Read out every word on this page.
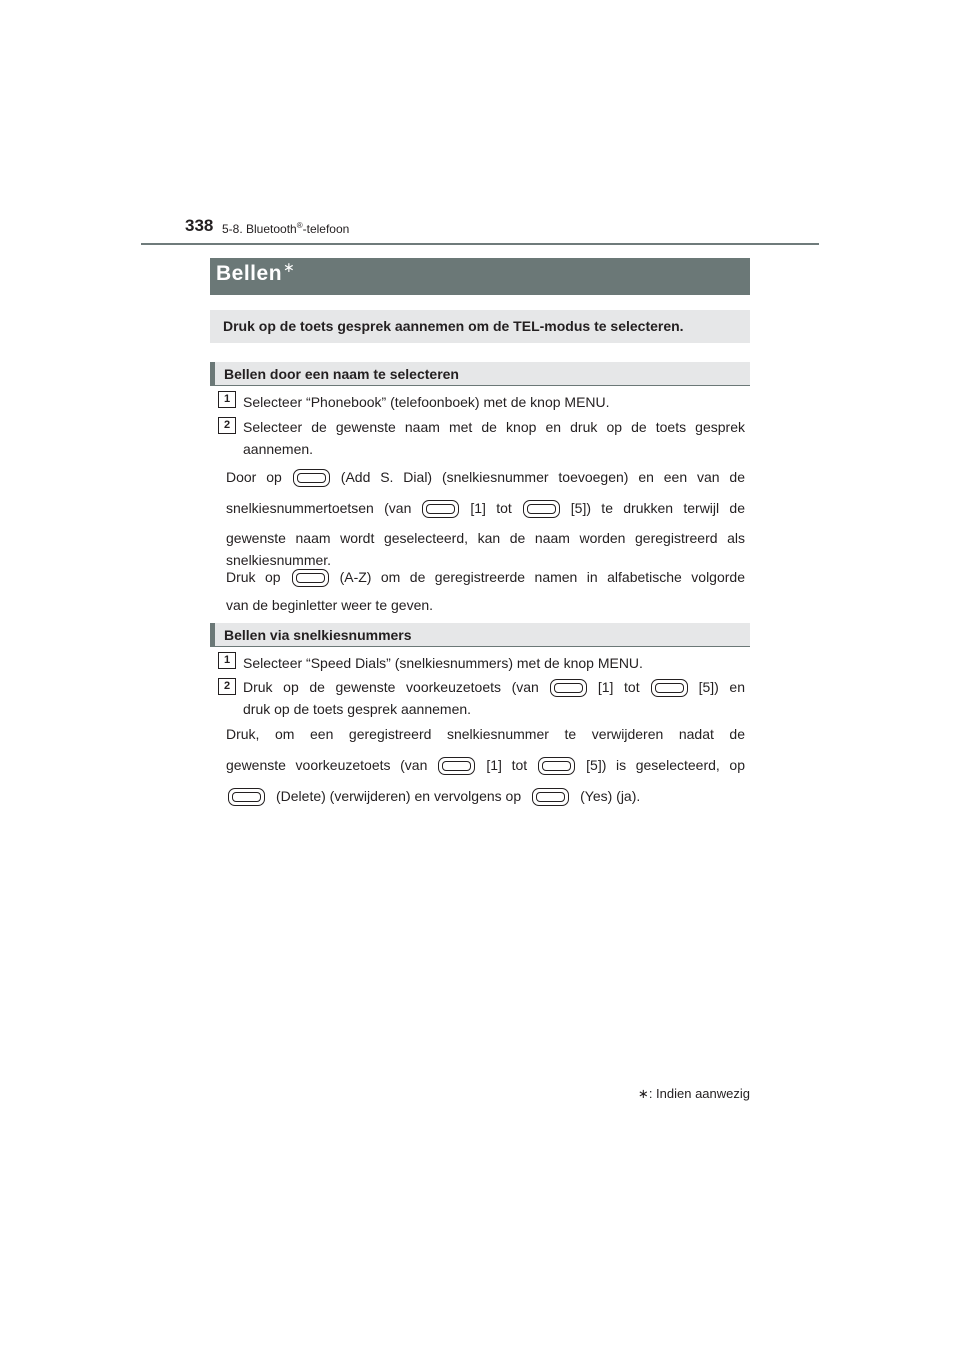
338 5-8. Bluetooth®-telefoon
Bellen∗
Druk op de toets gesprek aannemen om de TEL-modus te selecteren.
Bellen door een naam te selecteren
1 Selecteer “Phonebook” (telefoonboek) met de knop MENU.
2 Selecteer de gewenste naam met de knop en druk op de toets gesprek aannemen.
Door op	(Add S. Dial) (snelkiesnummer toevoegen) en een van de
snelkiesnummertoetsen (van	[1] tot	[5]) te drukken terwijl de
gewenste naam wordt geselecteerd, kan de naam worden geregistreerd als snelkiesnummer.
Druk op	(A-Z) om de geregistreerde namen in alfabetische volgorde
van de beginletter weer te geven.
Bellen via snelkiesnummers
1 Selecteer “Speed Dials” (snelkiesnummers) met de knop MENU.
2 Druk op de gewenste voorkeuzetoets (van	[1] tot	[5]) en
druk op de toets gesprek aannemen.
Druk, om een geregistreerd snelkiesnummer te verwijderen nadat de
gewenste voorkeuzetoets (van	[1] tot	[5]) is geselecteerd, op
(Delete) (verwijderen) en vervolgens op	(Yes) (ja).
∗: Indien aanwezig
